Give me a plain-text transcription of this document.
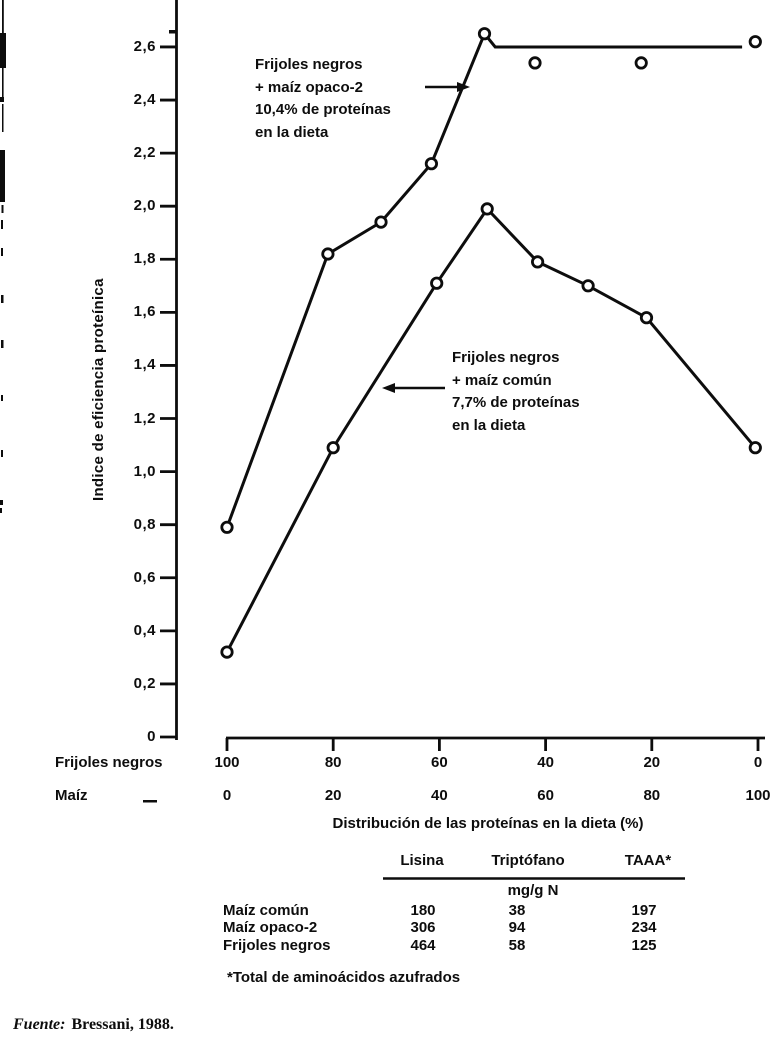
Indice de eficiencia proteínica
2,6
2,4
2,2
2,0
1,8
1,6
1,4
1,2
1,0
0,8
0,6
0,4
0,2
0
Frijoles negros
+ maíz opaco-2
10,4% de proteínas
en la dieta
Frijoles negros
+ maíz común
7,7% de proteínas
en la dieta
Frijoles negros
Maíz
100	80	60	40	20	0
0	20	40	60	80	100
Distribución de las proteínas en la dieta (%)
Lisina	Triptófano	TAAA*
mg/g N
Maíz común	180	38	197
Maíz opaco-2	306	94	234
Frijoles negros	464	58	125
*Total de aminoácidos azufrados
Fuente: Bressani, 1988.
